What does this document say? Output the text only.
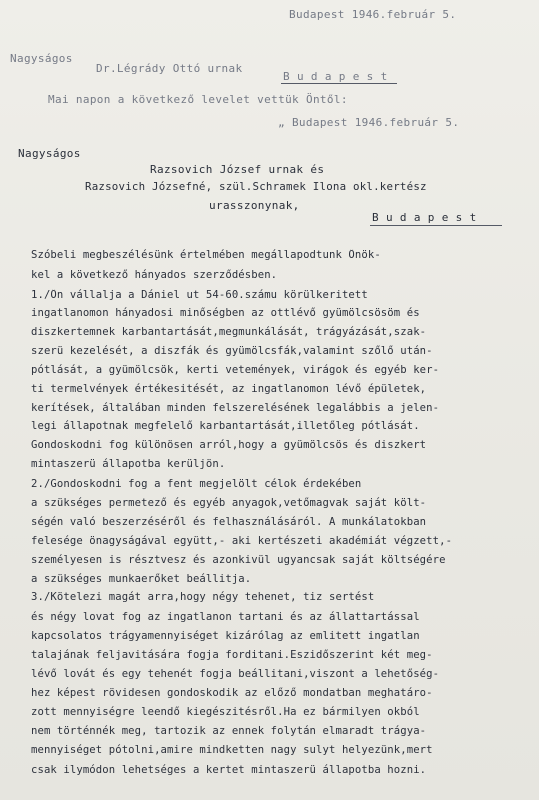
Budapest 1946.február 5.
Nagyságos
Dr.Légrády Ottó urnak
B u d a p e s t
Mai napon a következő levelet vettük Öntől:
„ Budapest 1946.február 5.
Nagyságos
Razsovich József urnak és
Razsovich Józsefné, szül.Schramek Ilona okl.kertész
urasszonynak,
B u d a p e s t
Szóbeli megbeszélésünk értelmében megállapodtunk Önök-
kel a következő hányados szerződésben.
1./Ön vállalja a Dániel ut 54-60.számu körülkeritett
ingatlanomon hányadosi minőségben az ottlévő gyümölcsösöm és
diszkertemnek karbantartását,megmunkálását, trágyázását,szak-
szerü kezelését, a diszfák és gyümölcsfák,valamint szőlő után-
pótlását, a gyümölcsök, kerti vetemények, virágok és egyéb ker-
ti termelvények értékesitését, az ingatlanomon lévő épületek,
kerítések, általában minden felszerelésének legalábbis a jelen-
legi állapotnak megfelelő karbantartását,illetőleg pótlását.
Gondoskodni fog különösen arról,hogy a gyümölcsös és diszkert
mintaszerü állapotba kerüljön.
2./Gondoskodni fog a fent megjelölt célok érdekében
a szükséges permetező és egyéb anyagok,vetőmagvak saját költ-
ségén való beszerzéséről és felhasználásáról. A munkálatokban
felesége önagyságával együtt,- aki kertészeti akadémiát végzett,-
személyesen is résztvesz és azonkivül ugyancsak saját költségére
a szükséges munkaerőket beállitja.
3./Kötelezi magát arra,hogy négy tehenet, tiz sertést
és négy lovat fog az ingatlanon tartani és az állattartással
kapcsolatos trágyamennyiséget kizárólag az emlitett ingatlan
talajának feljavitására fogja forditani.Eszidőszerint két meg-
lévő lovát és egy tehenét fogja beállitani,viszont a lehetőség-
hez képest rövidesen gondoskodik az előző mondatban meghatáro-
zott mennyiségre leendő kiegészitésről.Ha ez bármilyen okból
nem történnék meg, tartozik az ennek folytán elmaradt trágya-
mennyiséget pótolni,amire mindketten nagy sulyt helyezünk,mert
csak ilymódon lehetséges a kertet mintaszerü állapotba hozni.
